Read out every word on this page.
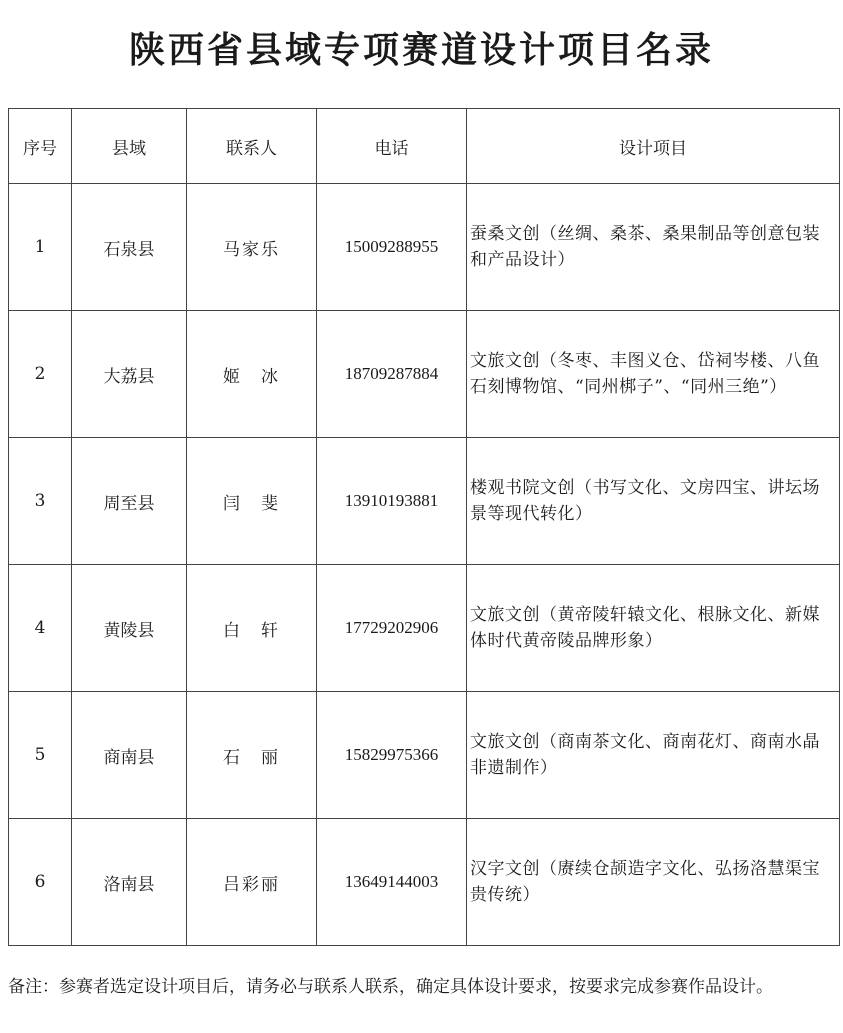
陕西省县域专项赛道设计项目名录
序号	县域	联系人	电话	设计项目
1	石泉县	马家乐	15009288955	蚕桑文创（丝绸、桑茶、桑果制品等创意包装和产品设计）
2	大荔县	姬　冰	18709287884	文旅文创（冬枣、丰图义仓、岱祠岑楼、八鱼石刻博物馆、“同州梆子”、“同州三绝”）
3	周至县	闫　斐	13910193881	楼观书院文创（书写文化、文房四宝、讲坛场景等现代转化）
4	黄陵县	白　轩	17729202906	文旅文创（黄帝陵轩辕文化、根脉文化、新媒体时代黄帝陵品牌形象）
5	商南县	石　丽	15829975366	文旅文创（商南茶文化、商南花灯、商南水晶非遗制作）
6	洛南县	吕彩丽	13649144003	汉字文创（赓续仓颉造字文化、弘扬洛慧渠宝贵传统）
备注：参赛者选定设计项目后，请务必与联系人联系，确定具体设计要求，按要求完成参赛作品设计。
